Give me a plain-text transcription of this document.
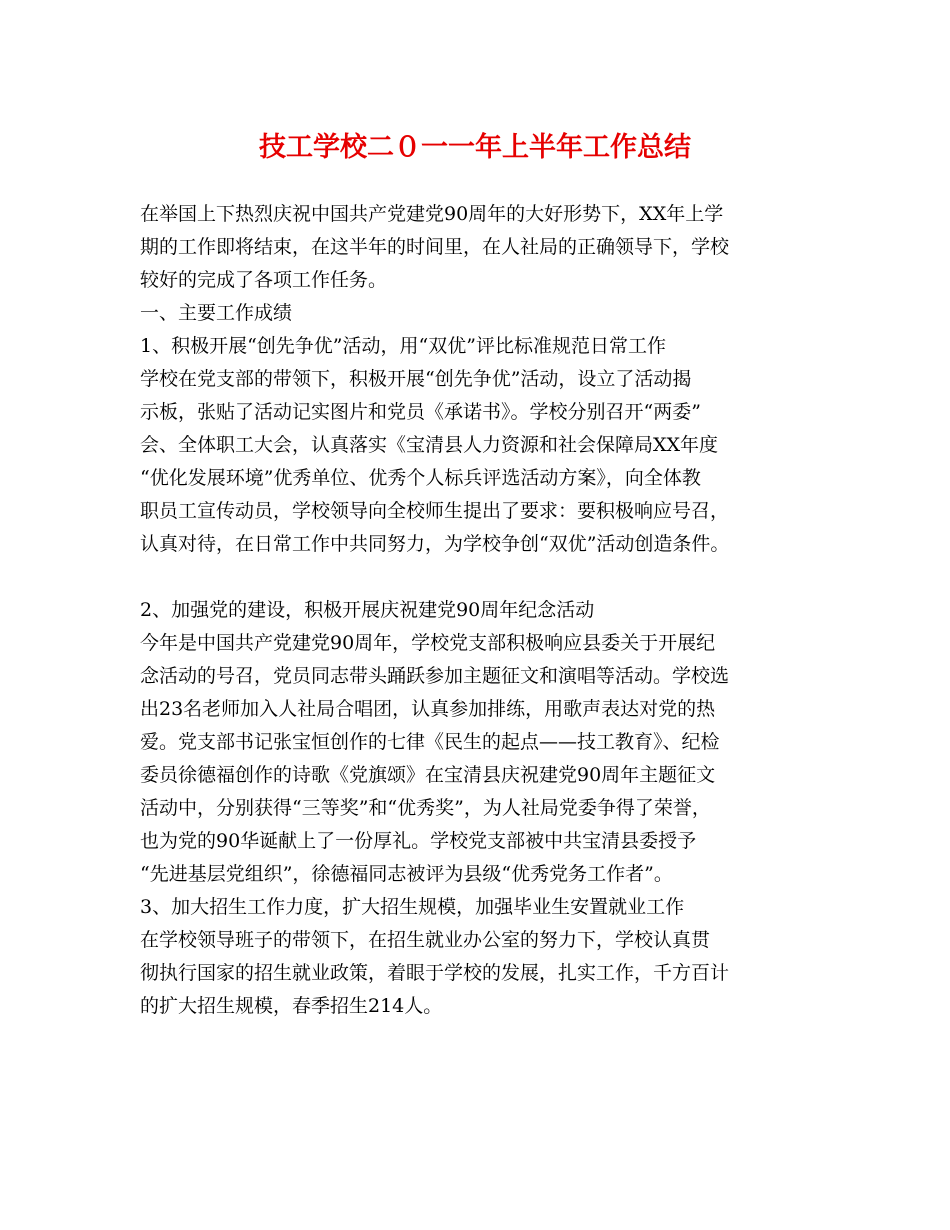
技工学校二０一一年上半年工作总结
在举国上下热烈庆祝中国共产党建党90周年的大好形势下，XX年上学
期的工作即将结束，在这半年的时间里，在人社局的正确领导下，学校
较好的完成了各项工作任务。
一、主要工作成绩
1、积极开展“创先争优”活动，用“双优”评比标准规范日常工作
学校在党支部的带领下，积极开展“创先争优”活动，设立了活动揭
示板，张贴了活动记实图片和党员《承诺书》。学校分别召开“两委”
会、全体职工大会，认真落实《宝清县人力资源和社会保障局XX年度
“优化发展环境”优秀单位、优秀个人标兵评选活动方案》，向全体教
职员工宣传动员，学校领导向全校师生提出了要求：要积极响应号召，
认真对待，在日常工作中共同努力，为学校争创“双优”活动创造条件。
2、加强党的建设，积极开展庆祝建党90周年纪念活动
今年是中国共产党建党90周年，学校党支部积极响应县委关于开展纪
念活动的号召，党员同志带头踊跃参加主题征文和演唱等活动。学校选
出23名老师加入人社局合唱团，认真参加排练，用歌声表达对党的热
爱。党支部书记张宝恒创作的七律《民生的起点——技工教育》、纪检
委员徐德福创作的诗歌《党旗颂》在宝清县庆祝建党90周年主题征文
活动中，分别获得“三等奖”和“优秀奖”，为人社局党委争得了荣誉，
也为党的90华诞献上了一份厚礼。学校党支部被中共宝清县委授予
“先进基层党组织”，徐德福同志被评为县级“优秀党务工作者”。
3、加大招生工作力度，扩大招生规模，加强毕业生安置就业工作
在学校领导班子的带领下，在招生就业办公室的努力下，学校认真贯
彻执行国家的招生就业政策，着眼于学校的发展，扎实工作，千方百计
的扩大招生规模，春季招生214人。
